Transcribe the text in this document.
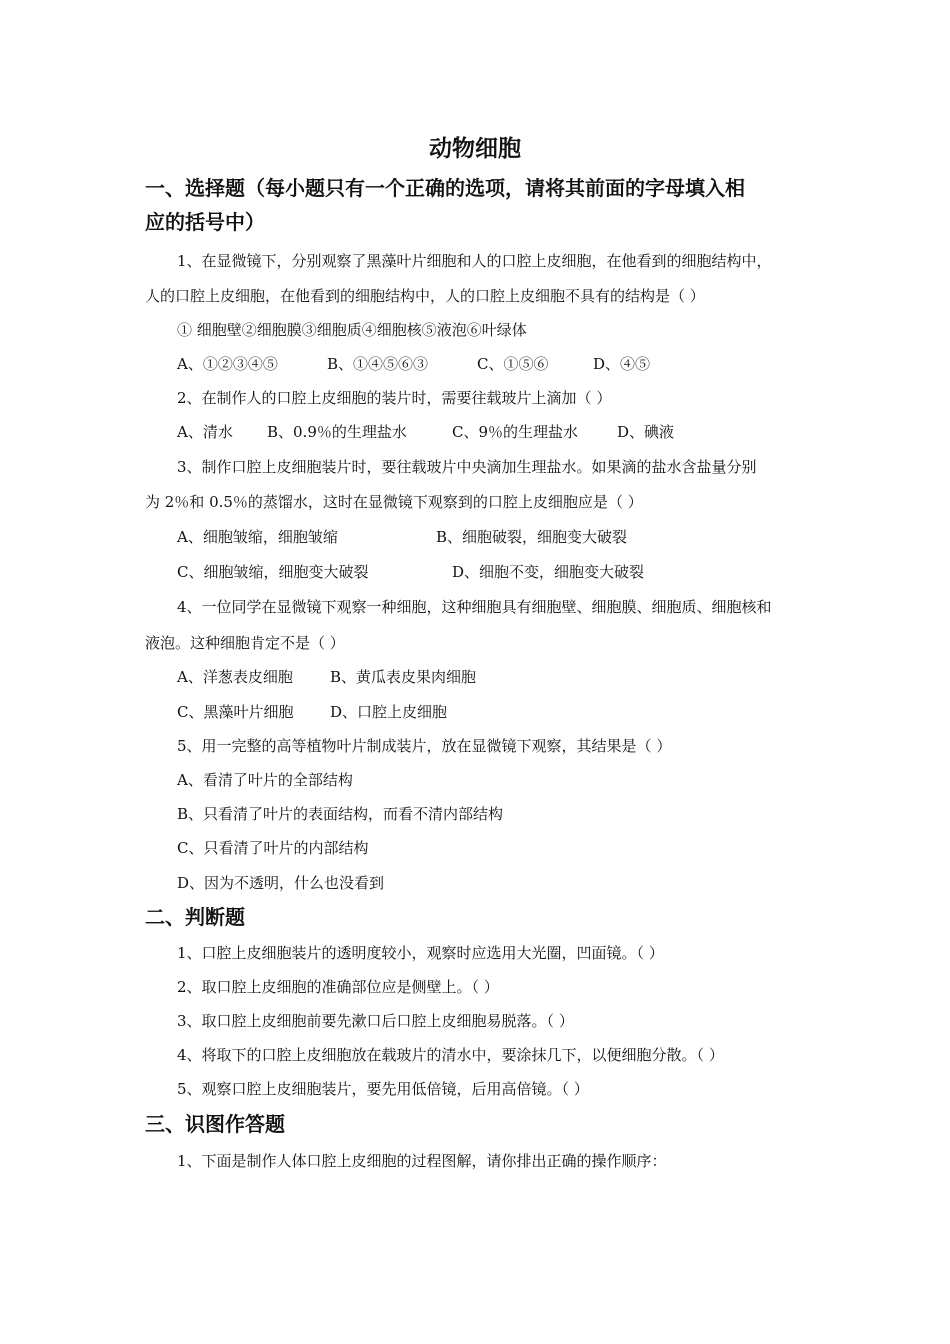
动物细胞
一、选择题（每小题只有一个正确的选项，请将其前面的字母填入相
应的括号中）
1、在显微镜下，分别观察了黑藻叶片细胞和人的口腔上皮细胞，在他看到的细胞结构中，
人的口腔上皮细胞，在他看到的细胞结构中，人的口腔上皮细胞不具有的结构是（ ）
① 细胞壁②细胞膜③细胞质④细胞核⑤液泡⑥叶绿体
A、①②③④⑤	B、①④⑤⑥③	C、①⑤⑥	D、④⑤
2、在制作人的口腔上皮细胞的装片时，需要往载玻片上滴加（ ）
A、清水 B、0.9％的生理盐水	C、9％的生理盐水	D、碘液
3、制作口腔上皮细胞装片时，要往载玻片中央滴加生理盐水。如果滴的盐水含盐量分别
为 2％和 0.5％的蒸馏水，这时在显微镜下观察到的口腔上皮细胞应是（ ）
A、细胞皱缩，细胞皱缩	B、细胞破裂，细胞变大破裂
C、细胞皱缩，细胞变大破裂	D、细胞不变，细胞变大破裂
4、一位同学在显微镜下观察一种细胞，这种细胞具有细胞壁、细胞膜、细胞质、细胞核和
液泡。这种细胞肯定不是（ ）
A、洋葱表皮细胞 B、黄瓜表皮果肉细胞
C、黑藻叶片细胞 D、口腔上皮细胞
5、用一完整的高等植物叶片制成装片，放在显微镜下观察，其结果是（ ）
A、看清了叶片的全部结构
B、只看清了叶片的表面结构，而看不清内部结构
C、只看清了叶片的内部结构
D、因为不透明，什么也没看到
二、判断题
1、口腔上皮细胞装片的透明度较小，观察时应选用大光圈，凹面镜。（ ）
2、取口腔上皮细胞的准确部位应是侧壁上。（ ）
3、取口腔上皮细胞前要先漱口后口腔上皮细胞易脱落。（ ）
4、将取下的口腔上皮细胞放在载玻片的清水中，要涂抹几下，以便细胞分散。（ ）
5、观察口腔上皮细胞装片，要先用低倍镜，后用高倍镜。（ ）
三、识图作答题
1、下面是制作人体口腔上皮细胞的过程图解，请你排出正确的操作顺序：
